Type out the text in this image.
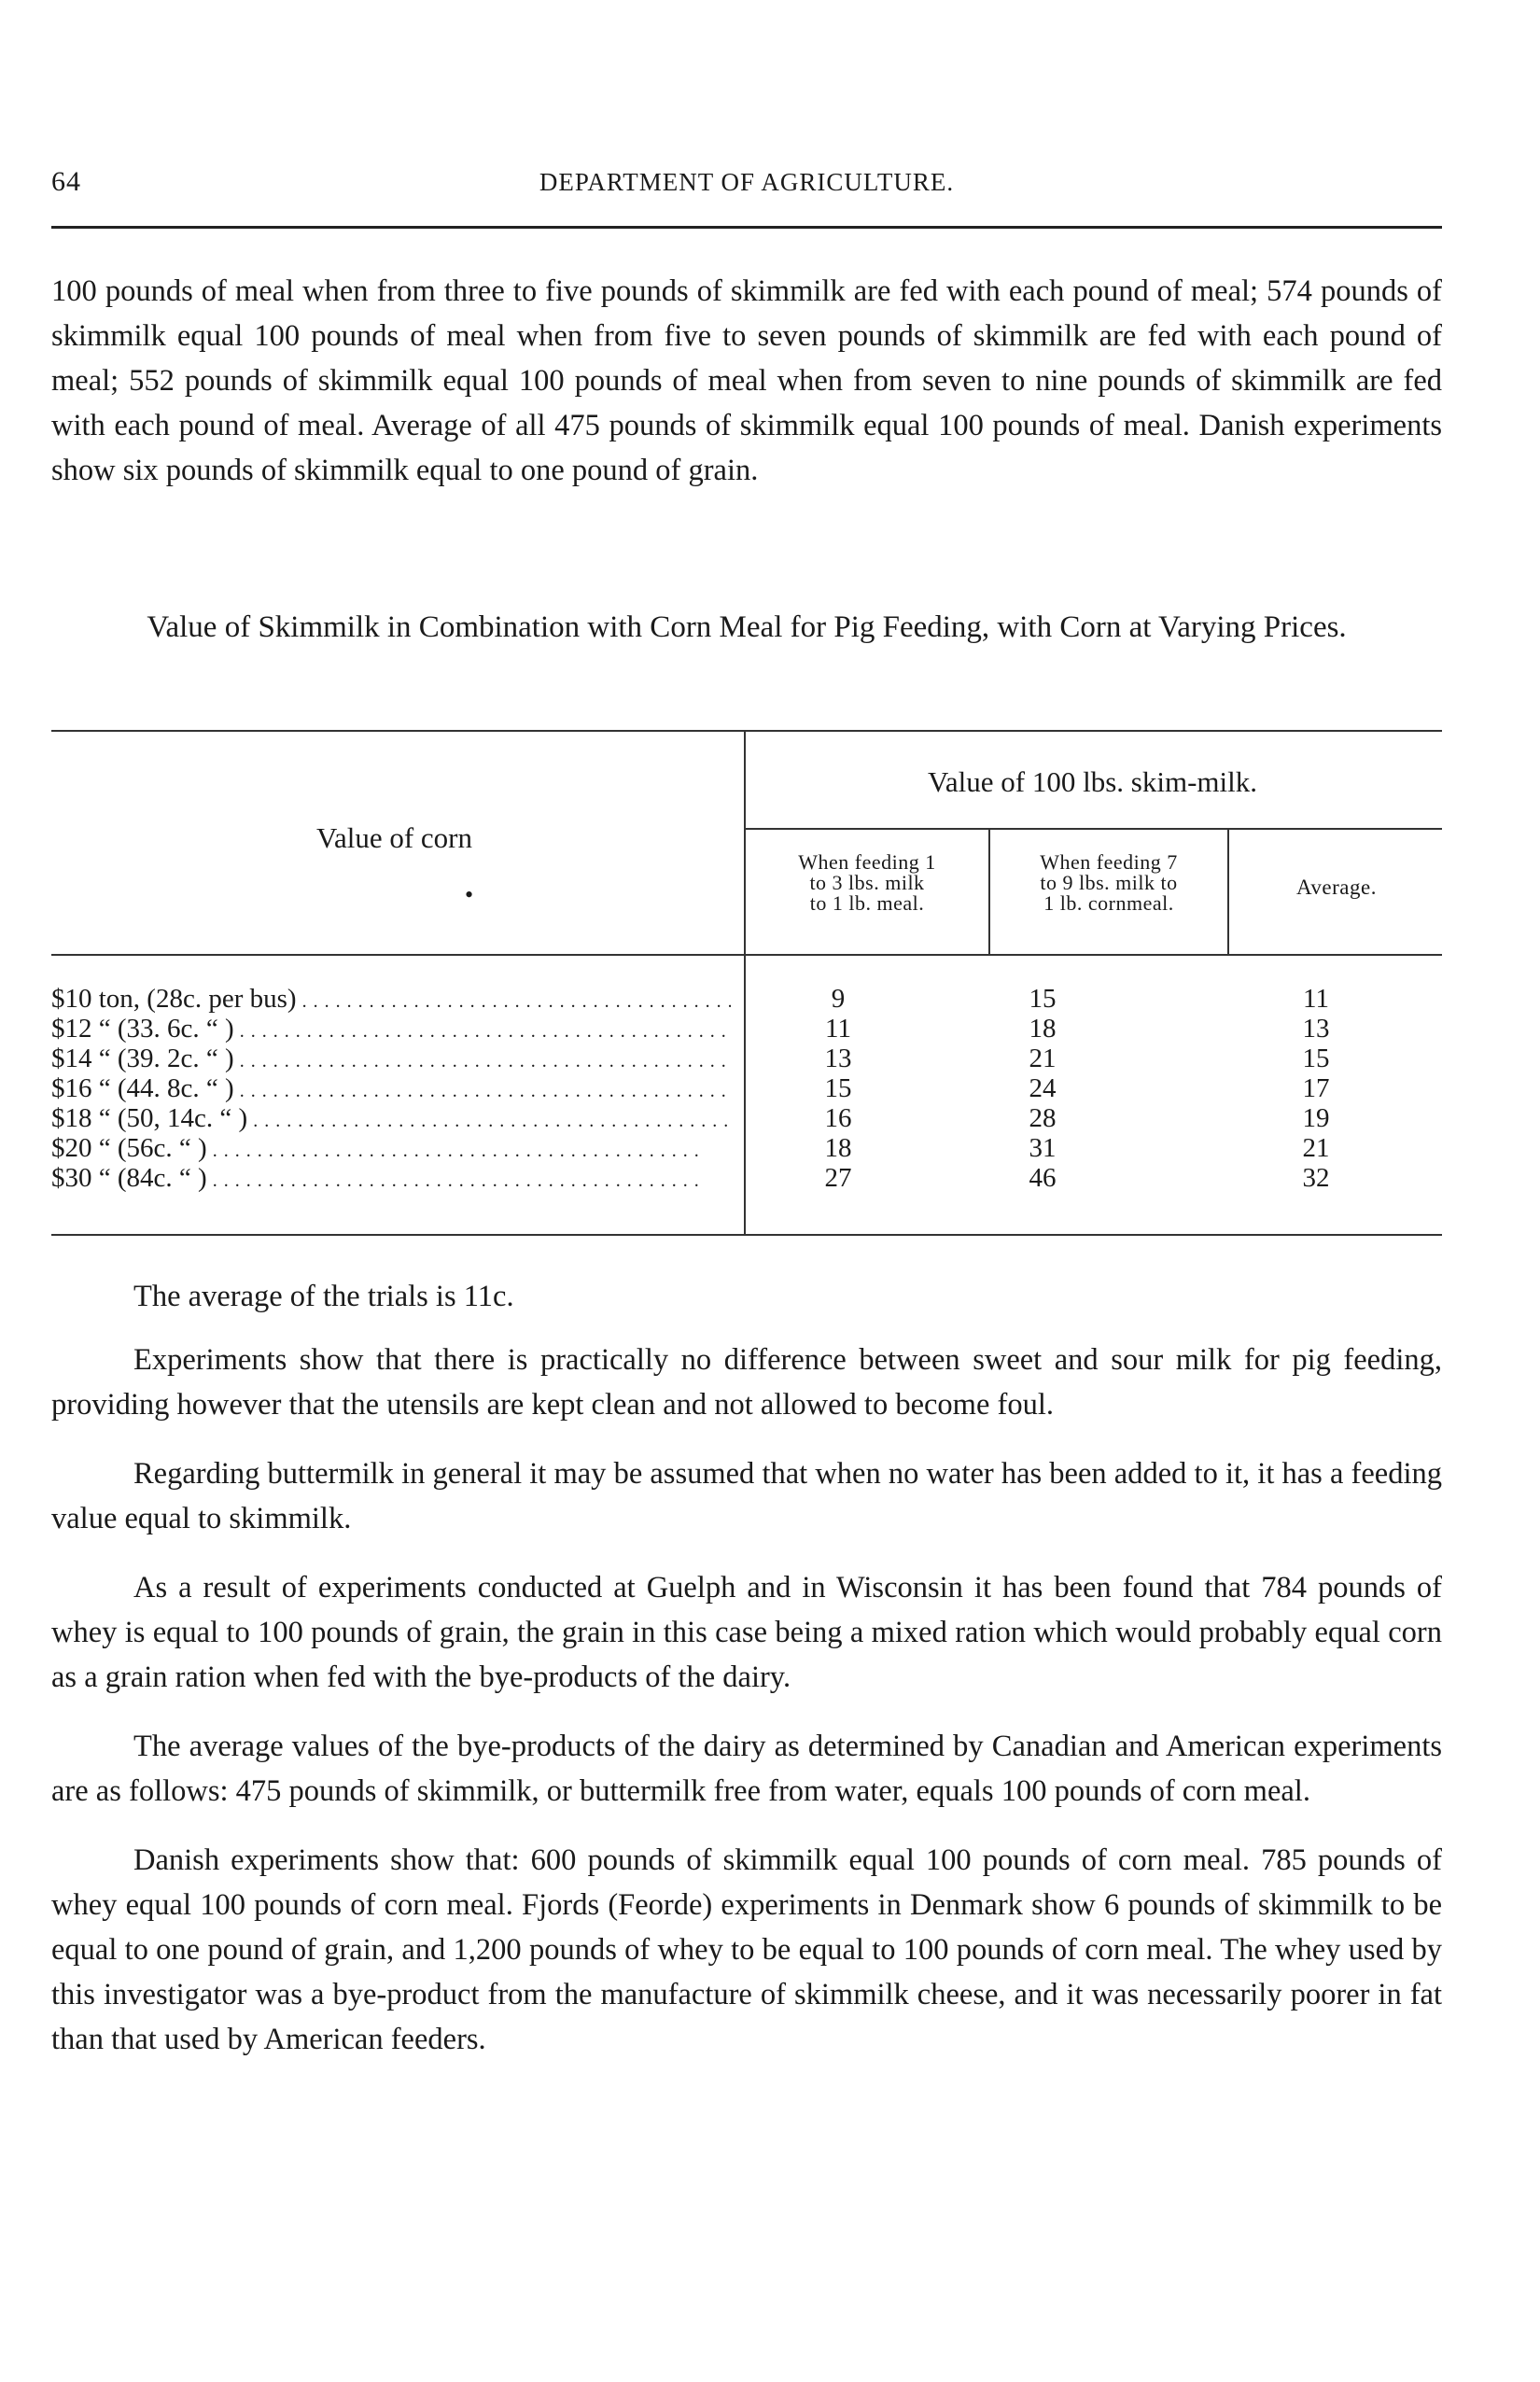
64	DEPARTMENT OF AGRICULTURE.

100 pounds of meal when from three to five pounds of skimmilk are fed with each pound of meal; 574 pounds of skimmilk equal 100 pounds of meal when from five to seven pounds of skimmilk are fed with each pound of meal; 552 pounds of skimmilk equal 100 pounds of meal when from seven to nine pounds of skimmilk are fed with each pound of meal. Average of all 475 pounds of skimmilk equal 100 pounds of meal. Danish experiments show six pounds of skimmilk equal to one pound of grain.

Value of Skimmilk in Combination with Corn Meal for Pig Feeding, with Corn at Varying Prices.
Value of corn
•
Value of 100 lbs. skim-milk.
When feeding 1
to 3 lbs. milk
to 1 lb. meal.
When feeding 7
to 9 lbs. milk to
1 lb. cornmeal.
Average.
$10 ton, (28c. per bus) . . .	9	15	11
$12 “ (33. 6c. “ ) . . .	11	18	13
$14 “ (39. 2c. “ ) . . .	13	21	15
$16 “ (44. 8c. “ ) . . .	15	24	17
$18 “ (50, 14c. “ ) . . .	16	28	19
$20 “ (56c. “ ) . . .	18	31	21
$30 “ (84c. “ ) . . .	27	46	32

The average of the trials is 11c.

Experiments show that there is practically no difference between sweet and sour milk for pig feeding, providing however that the utensils are kept clean and not allowed to become foul.

Regarding buttermilk in general it may be assumed that when no water has been added to it, it has a feeding value equal to skimmilk.

As a result of experiments conducted at Guelph and in Wisconsin it has been found that 784 pounds of whey is equal to 100 pounds of grain, the grain in this case being a mixed ration which would probably equal corn as a grain ration when fed with the bye-products of the dairy.

The average values of the bye-products of the dairy as determined by Canadian and American experiments are as follows: 475 pounds of skimmilk, or buttermilk free from water, equals 100 pounds of corn meal.

Danish experiments show that: 600 pounds of skimmilk equal 100 pounds of corn meal. 785 pounds of whey equal 100 pounds of corn meal. Fjords (Feorde) experiments in Denmark show 6 pounds of skimmilk to be equal to one pound of grain, and 1,200 pounds of whey to be equal to 100 pounds of corn meal. The whey used by this investigator was a bye-product from the manufacture of skimmilk cheese, and it was necessarily poorer in fat than that used by American feeders.
